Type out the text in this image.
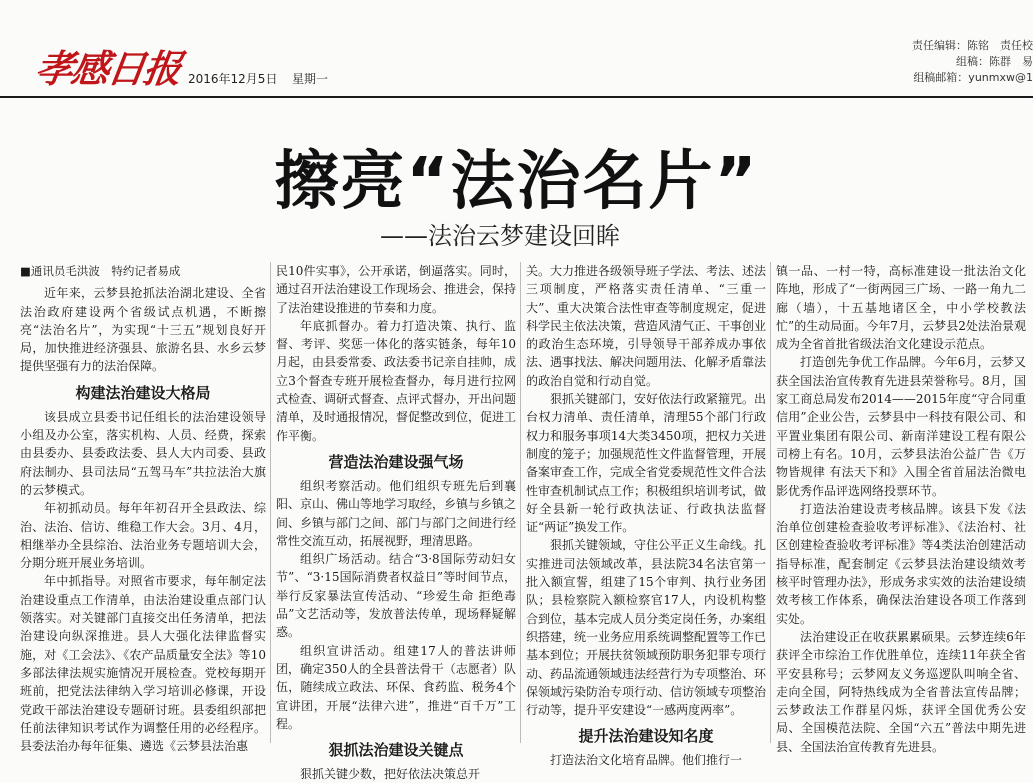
孝感日报 2016年12月5日 星期一
责任编辑：陈铭　责任校
组稿：陈群　易
组稿邮箱：yunmxw@1
擦亮“法治名片”
——法治云梦建设回眸

■通讯员毛洪波　特约记者易成

近年来，云梦县抢抓法治湖北建设、全省法治政府建设两个省级试点机遇，不断擦亮“法治名片”，为实现“十三五”规划良好开局，加快推进经济强县、旅游名县、水乡云梦提供坚强有力的法治保障。

构建法治建设大格局

该县成立县委书记任组长的法治建设领导小组及办公室，落实机构、人员、经费，探索由县委办、县委政法委、县人大内司委、县政府法制办、县司法局“五驾马车”共拉法治大旗的云梦模式。

年初抓动员。每年年初召开全县政法、综治、法治、信访、维稳工作大会。3月、4月，相继举办全县综治、法治业务专题培训大会，分期分班开展业务培训。

年中抓指导。对照省市要求，每年制定法治建设重点工作清单，由法治建设重点部门认领落实。对关键部门直接交出任务清单，把法治建设向纵深推进。县人大强化法律监督实施，对《工会法》、《农产品质量安全法》等10多部法律法规实施情况开展检查。党校每期开班前，把党法法律纳入学习培训必修课，开设党政干部法治建设专题研讨班。县委组织部把任前法律知识考试作为调整任用的必经程序。县委法治办每年征集、遴选《云梦县法治惠

民10件实事》，公开承诺，倒逼落实。同时，通过召开法治建设工作现场会、推进会，保持了法治建设推进的节奏和力度。

年底抓督办。着力打造决策、执行、监督、考评、奖惩一体化的落实链条，每年10月起，由县委常委、政法委书记亲自挂帅，成立3个督查专班开展检查督办，每月进行拉网式检查、调研式督查、点评式督办，开出问题清单，及时通报情况，督促整改到位，促进工作平衡。

营造法治建设强气场

组织考察活动。他们组织专班先后到襄阳、京山、佛山等地学习取经，乡镇与乡镇之间、乡镇与部门之间、部门与部门之间进行经常性交流互动，拓展视野，理清思路。

组织广场活动。结合“3·8国际劳动妇女节”、“3·15国际消费者权益日”等时间节点，举行反家暴法宣传活动、“珍爱生命 拒绝毒品”文艺活动等，发放普法传单，现场释疑解惑。

组织宣讲活动。组建17人的普法讲师团，确定350人的全县普法骨干（志愿者）队伍，随续成立政法、环保、食药监、税务4个宣讲团，开展“法律六进”，推进“百千万”工程。

狠抓法治建设关键点

狠抓关键少数，把好依法决策总开

关。大力推进各级领导班子学法、考法、述法三项制度，严格落实责任清单、“三重一大”、重大决策合法性审查等制度规定，促进科学民主依法决策，营造风清气正、干事创业的政治生态环境，引导领导干部养成办事依法、遇事找法、解决问题用法、化解矛盾靠法的政治自觉和行动自觉。

狠抓关键部门，安好依法行政紧箍咒。出台权力清单、责任清单，清理55个部门行政权力和服务事项14大类3450项，把权力关进制度的笼子；加强规范性文件监督管理，开展备案审查工作，完成全省党委规范性文件合法性审查机制试点工作；积极组织培训考试，做好全县新一轮行政执法证、行政执法监督证“两证”换发工作。

狠抓关键领域，守住公平正义生命线。扎实推进司法领域改革，县法院34名法官第一批入额宣誓，组建了15个审判、执行业务团队；县检察院入额检察官17人，内设机构整合到位，基本完成人员分类定岗任务，办案组织搭建，统一业务应用系统调整配置等工作已基本到位；开展扶贫领域预防职务犯罪专项行动、药品流通领域违法经营行为专项整治、环保领域污染防治专项行动、信访领域专项整治行动等，提升平安建设“一感两度两率”。

提升法治建设知名度

打造法治文化培育品牌。他们推行一

镇一品、一村一特，高标准建设一批法治文化阵地，形成了“一街两园三广场、一路一角九二廊（墙），十五基地诸区全，中小学校教法忙”的生动局面。今年7月，云梦县2处法治景观成为全省首批省级法治文化建设示范点。

打造创先争优工作品牌。今年6月，云梦又获全国法治宣传教育先进县荣誉称号。8月，国家工商总局发布2014——2015年度“守合同重信用”企业公告，云梦县中一科技有限公司、和平置业集团有限公司、新南洋建设工程有限公司榜上有名。10月，云梦县法治公益广告《万物皆规律 有法天下和》入围全省首届法治微电影优秀作品评选网络投票环节。

打造法治建设责考核品牌。该县下发《法治单位创建检查验收考评标准》、《法治村、社区创建检查验收考评标准》等4类法治创建活动指导标准，配套制定《云梦县法治建设绩效考核平时管理办法》，形成务求实效的法治建设绩效考核工作体系，确保法治建设各项工作落到实处。

法治建设正在收获累累硕果。云梦连续6年获评全市综治工作优胜单位，连续11年获全省平安县称号；云梦网友义务巡逻队叫响全省、走向全国，阿特热线成为全省普法宣传品牌；云梦政法工作群星闪烁，获评全国优秀公安局、全国模范法院、全国“六五”普法中期先进县、全国法治宣传教育先进县。
